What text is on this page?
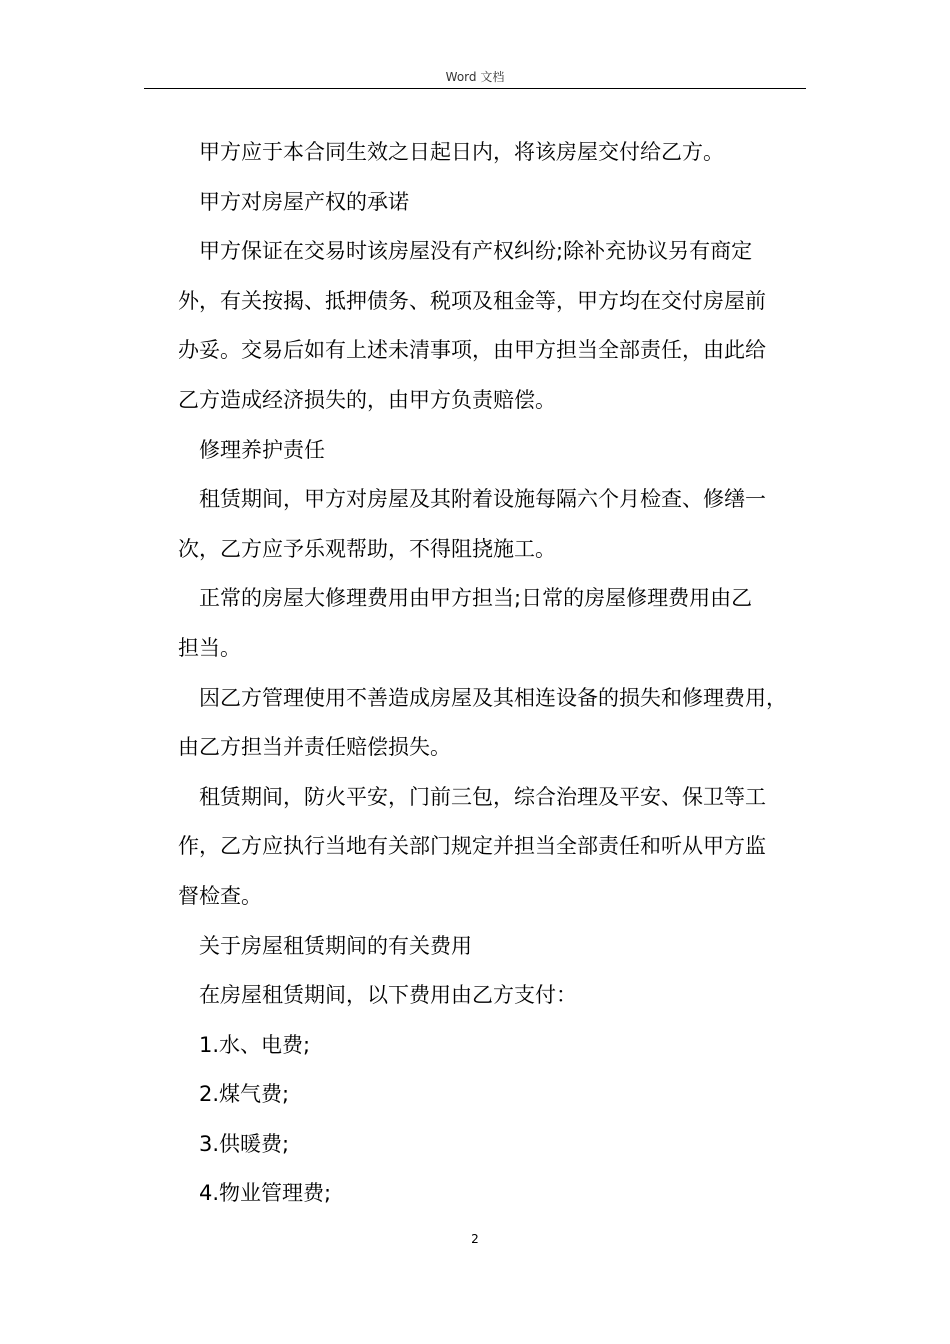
Word 文档

甲方应于本合同生效之日起日内，将该房屋交付给乙方。

甲方对房屋产权的承诺

甲方保证在交易时该房屋没有产权纠纷;除补充协议另有商定
外，有关按揭、抵押债务、税项及租金等，甲方均在交付房屋前
办妥。交易后如有上述未清事项，由甲方担当全部责任，由此给
乙方造成经济损失的，由甲方负责赔偿。

修理养护责任

租赁期间，甲方对房屋及其附着设施每隔六个月检查、修缮一
次，乙方应予乐观帮助，不得阻挠施工。

正常的房屋大修理费用由甲方担当;日常的房屋修理费用由乙
担当。

因乙方管理使用不善造成房屋及其相连设备的损失和修理费用，
由乙方担当并责任赔偿损失。

租赁期间，防火平安，门前三包，综合治理及平安、保卫等工
作，乙方应执行当地有关部门规定并担当全部责任和听从甲方监
督检查。

关于房屋租赁期间的有关费用

在房屋租赁期间，以下费用由乙方支付：

1.水、电费;

2.煤气费;

3.供暖费;

4.物业管理费;

2
